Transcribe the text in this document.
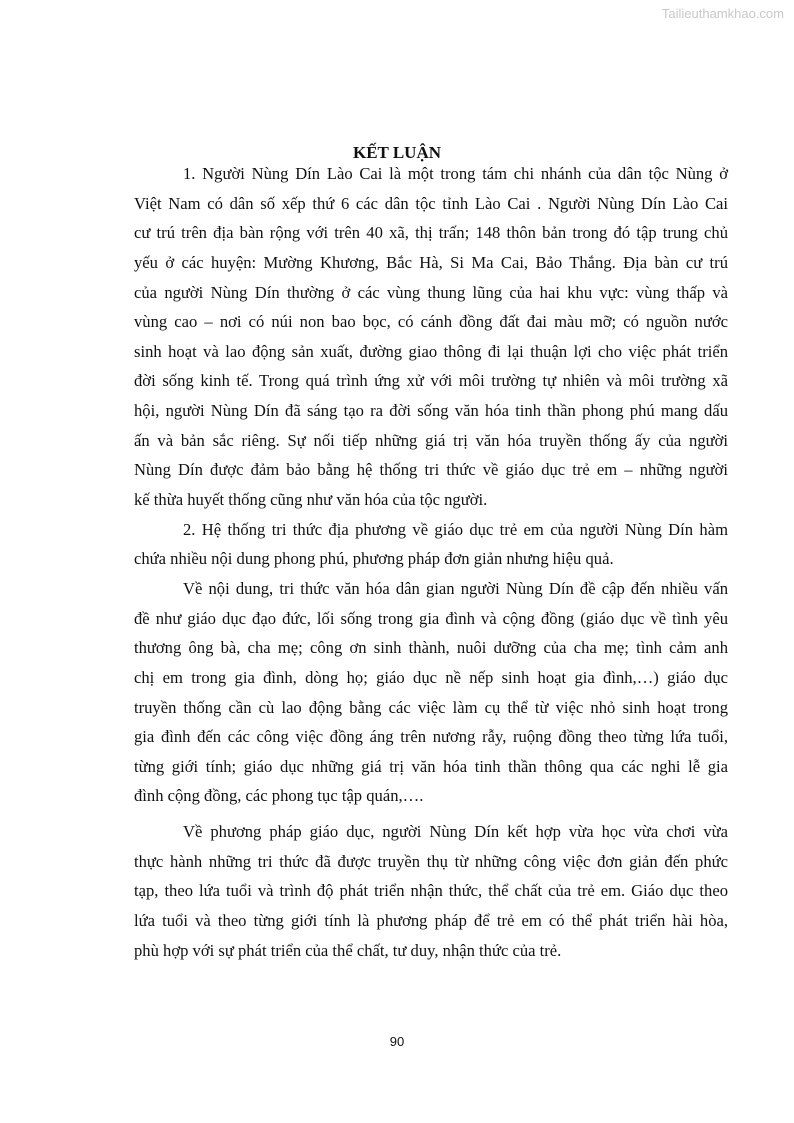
Tailieuthamkhao.com
KẾT LUẬN
1. Người Nùng Dín Lào Cai là một trong tám chi nhánh của dân tộc Nùng ở
Việt Nam có dân số xếp thứ 6 các dân tộc tỉnh Lào Cai . Người Nùng Dín Lào Cai
cư trú trên địa bàn rộng với trên 40 xã, thị trấn; 148 thôn bản trong đó tập trung chủ
yếu ở các huyện: Mường Khương, Bắc Hà, Si Ma Cai, Bảo Thắng. Địa bàn cư trú
của người Nùng Dín thường ở các vùng thung lũng của hai khu vực: vùng thấp và
vùng cao – nơi có núi non bao bọc, có cánh đồng đất đai màu mỡ; có nguồn nước
sinh hoạt và lao động sản xuất, đường giao thông đi lại thuận lợi cho việc phát triển
đời sống kinh tế. Trong quá trình ứng xử với môi trường tự nhiên và môi trường xã
hội, người Nùng Dín đã sáng tạo ra đời sống văn hóa tinh thần phong phú mang dấu
ấn và bản sắc riêng. Sự nối tiếp những giá trị văn hóa truyền thống ấy của người
Nùng Dín được đảm bảo bằng hệ thống tri thức về giáo dục trẻ em – những người
kế thừa huyết thống cũng như văn hóa của tộc người.
2. Hệ thống tri thức địa phương về giáo dục trẻ em của người Nùng Dín hàm
chứa nhiều nội dung phong phú, phương pháp đơn giản nhưng hiệu quả.
Về nội dung, tri thức văn hóa dân gian người Nùng Dín đề cập đến nhiều vấn
đề như giáo dục đạo đức, lối sống trong gia đình và cộng đồng (giáo dục về tình yêu
thương ông bà, cha mẹ; công ơn sinh thành, nuôi dưỡng của cha mẹ; tình cảm anh
chị em trong gia đình, dòng họ; giáo dục nề nếp sinh hoạt gia đình,…) giáo dục
truyền thống cần cù lao động bằng các việc làm cụ thể từ việc nhỏ sinh hoạt trong
gia đình đến các công việc đồng áng trên nương rẫy, ruộng đồng theo từng lứa tuổi,
từng giới tính; giáo dục những giá trị văn hóa tinh thần thông qua các nghi lễ gia
đình cộng đồng, các phong tục tập quán,….
Về phương pháp giáo dục, người Nùng Dín kết hợp vừa học vừa chơi vừa
thực hành những tri thức đã được truyền thụ từ những công việc đơn giản đến phức
tạp, theo lứa tuổi và trình độ phát triển nhận thức, thể chất của trẻ em. Giáo dục theo
lứa tuổi và theo từng giới tính là phương pháp để trẻ em có thể phát triển hài hòa,
phù hợp với sự phát triển của thể chất, tư duy, nhận thức của trẻ.
90
